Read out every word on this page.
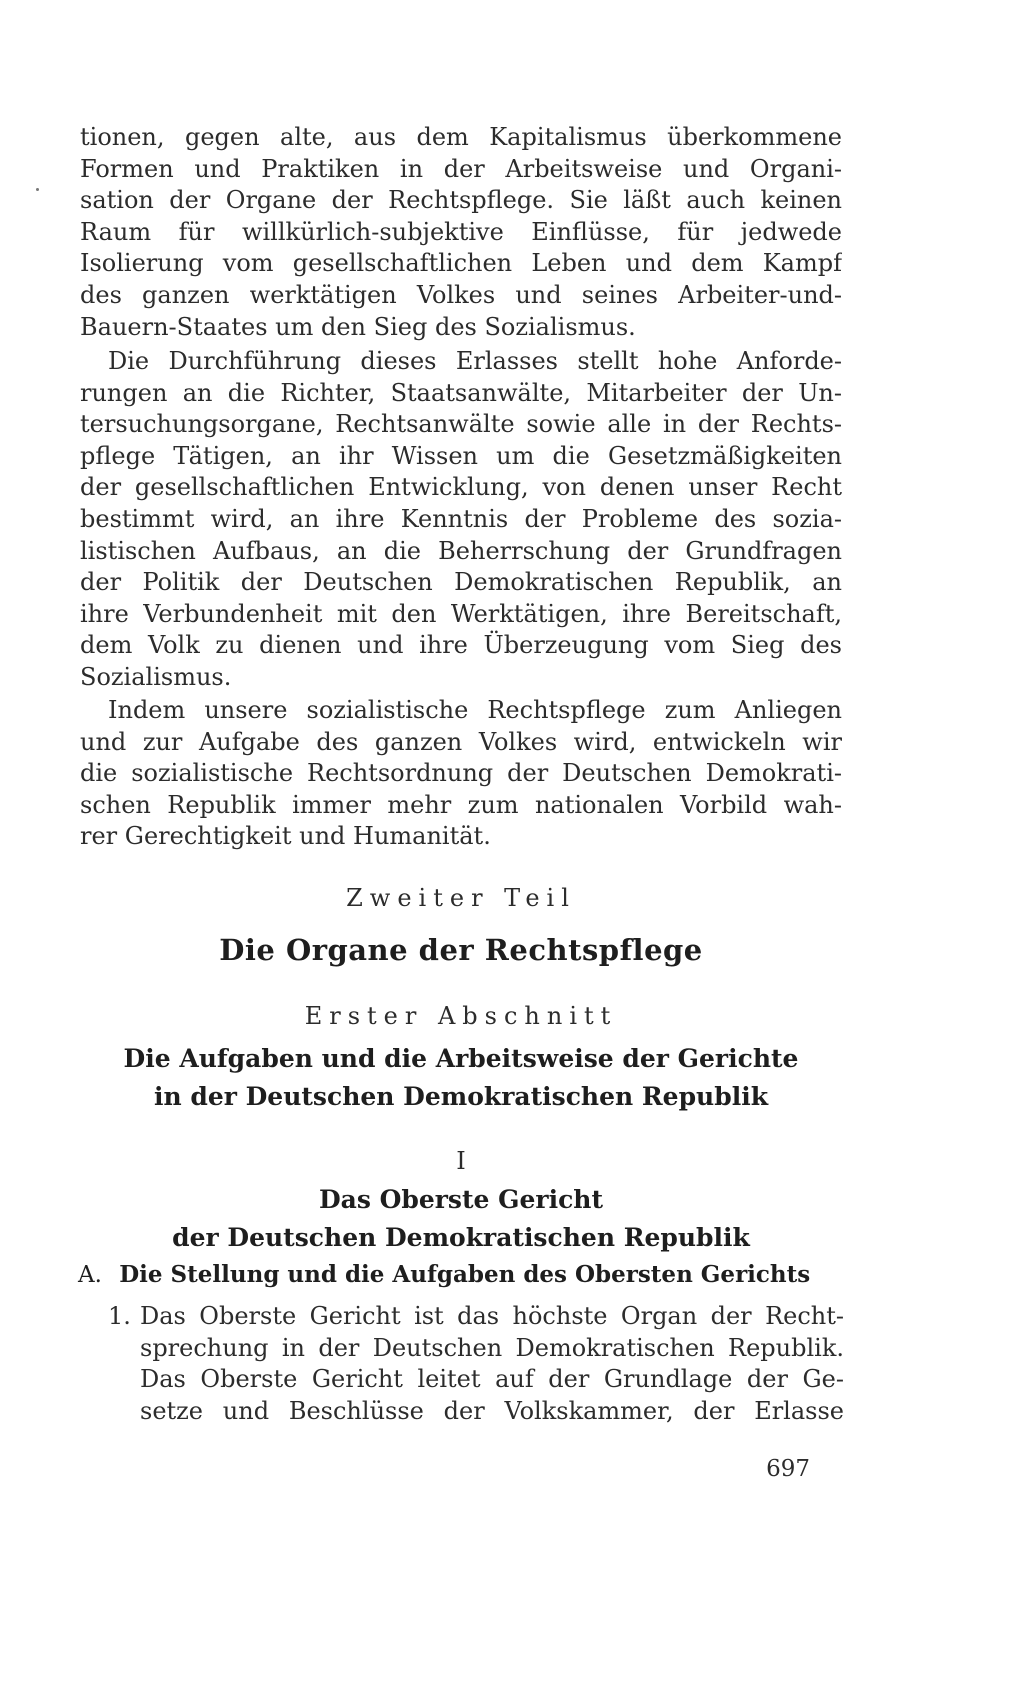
tionen, gegen alte, aus dem Kapitalismus überkommene
Formen und Praktiken in der Arbeitsweise und Organi-
sation der Organe der Rechtspflege. Sie läßt auch keinen
Raum für willkürlich-subjektive Einflüsse, für jedwede
Isolierung vom gesellschaftlichen Leben und dem Kampf
des ganzen werktätigen Volkes und seines Arbeiter-und-
Bauern-Staates um den Sieg des Sozialismus.
Die Durchführung dieses Erlasses stellt hohe Anforde-
rungen an die Richter, Staatsanwälte, Mitarbeiter der Un-
tersuchungsorgane, Rechtsanwälte sowie alle in der Rechts-
pflege Tätigen, an ihr Wissen um die Gesetzmäßigkeiten
der gesellschaftlichen Entwicklung, von denen unser Recht
bestimmt wird, an ihre Kenntnis der Probleme des sozia-
listischen Aufbaus, an die Beherrschung der Grundfragen
der Politik der Deutschen Demokratischen Republik, an
ihre Verbundenheit mit den Werktätigen, ihre Bereitschaft,
dem Volk zu dienen und ihre Überzeugung vom Sieg des
Sozialismus.
Indem unsere sozialistische Rechtspflege zum Anliegen
und zur Aufgabe des ganzen Volkes wird, entwickeln wir
die sozialistische Rechtsordnung der Deutschen Demokrati-
schen Republik immer mehr zum nationalen Vorbild wah-
rer Gerechtigkeit und Humanität.
Zweiter Teil
Die Organe der Rechtspflege
Erster Abschnitt
Die Aufgaben und die Arbeitsweise der Gerichte
in der Deutschen Demokratischen Republik
I
Das Oberste Gericht
der Deutschen Demokratischen Republik
A. Die Stellung und die Aufgaben des Obersten Gerichts
1. Das Oberste Gericht ist das höchste Organ der Recht-
sprechung in der Deutschen Demokratischen Republik.
Das Oberste Gericht leitet auf der Grundlage der Ge-
setze und Beschlüsse der Volkskammer, der Erlasse
697
